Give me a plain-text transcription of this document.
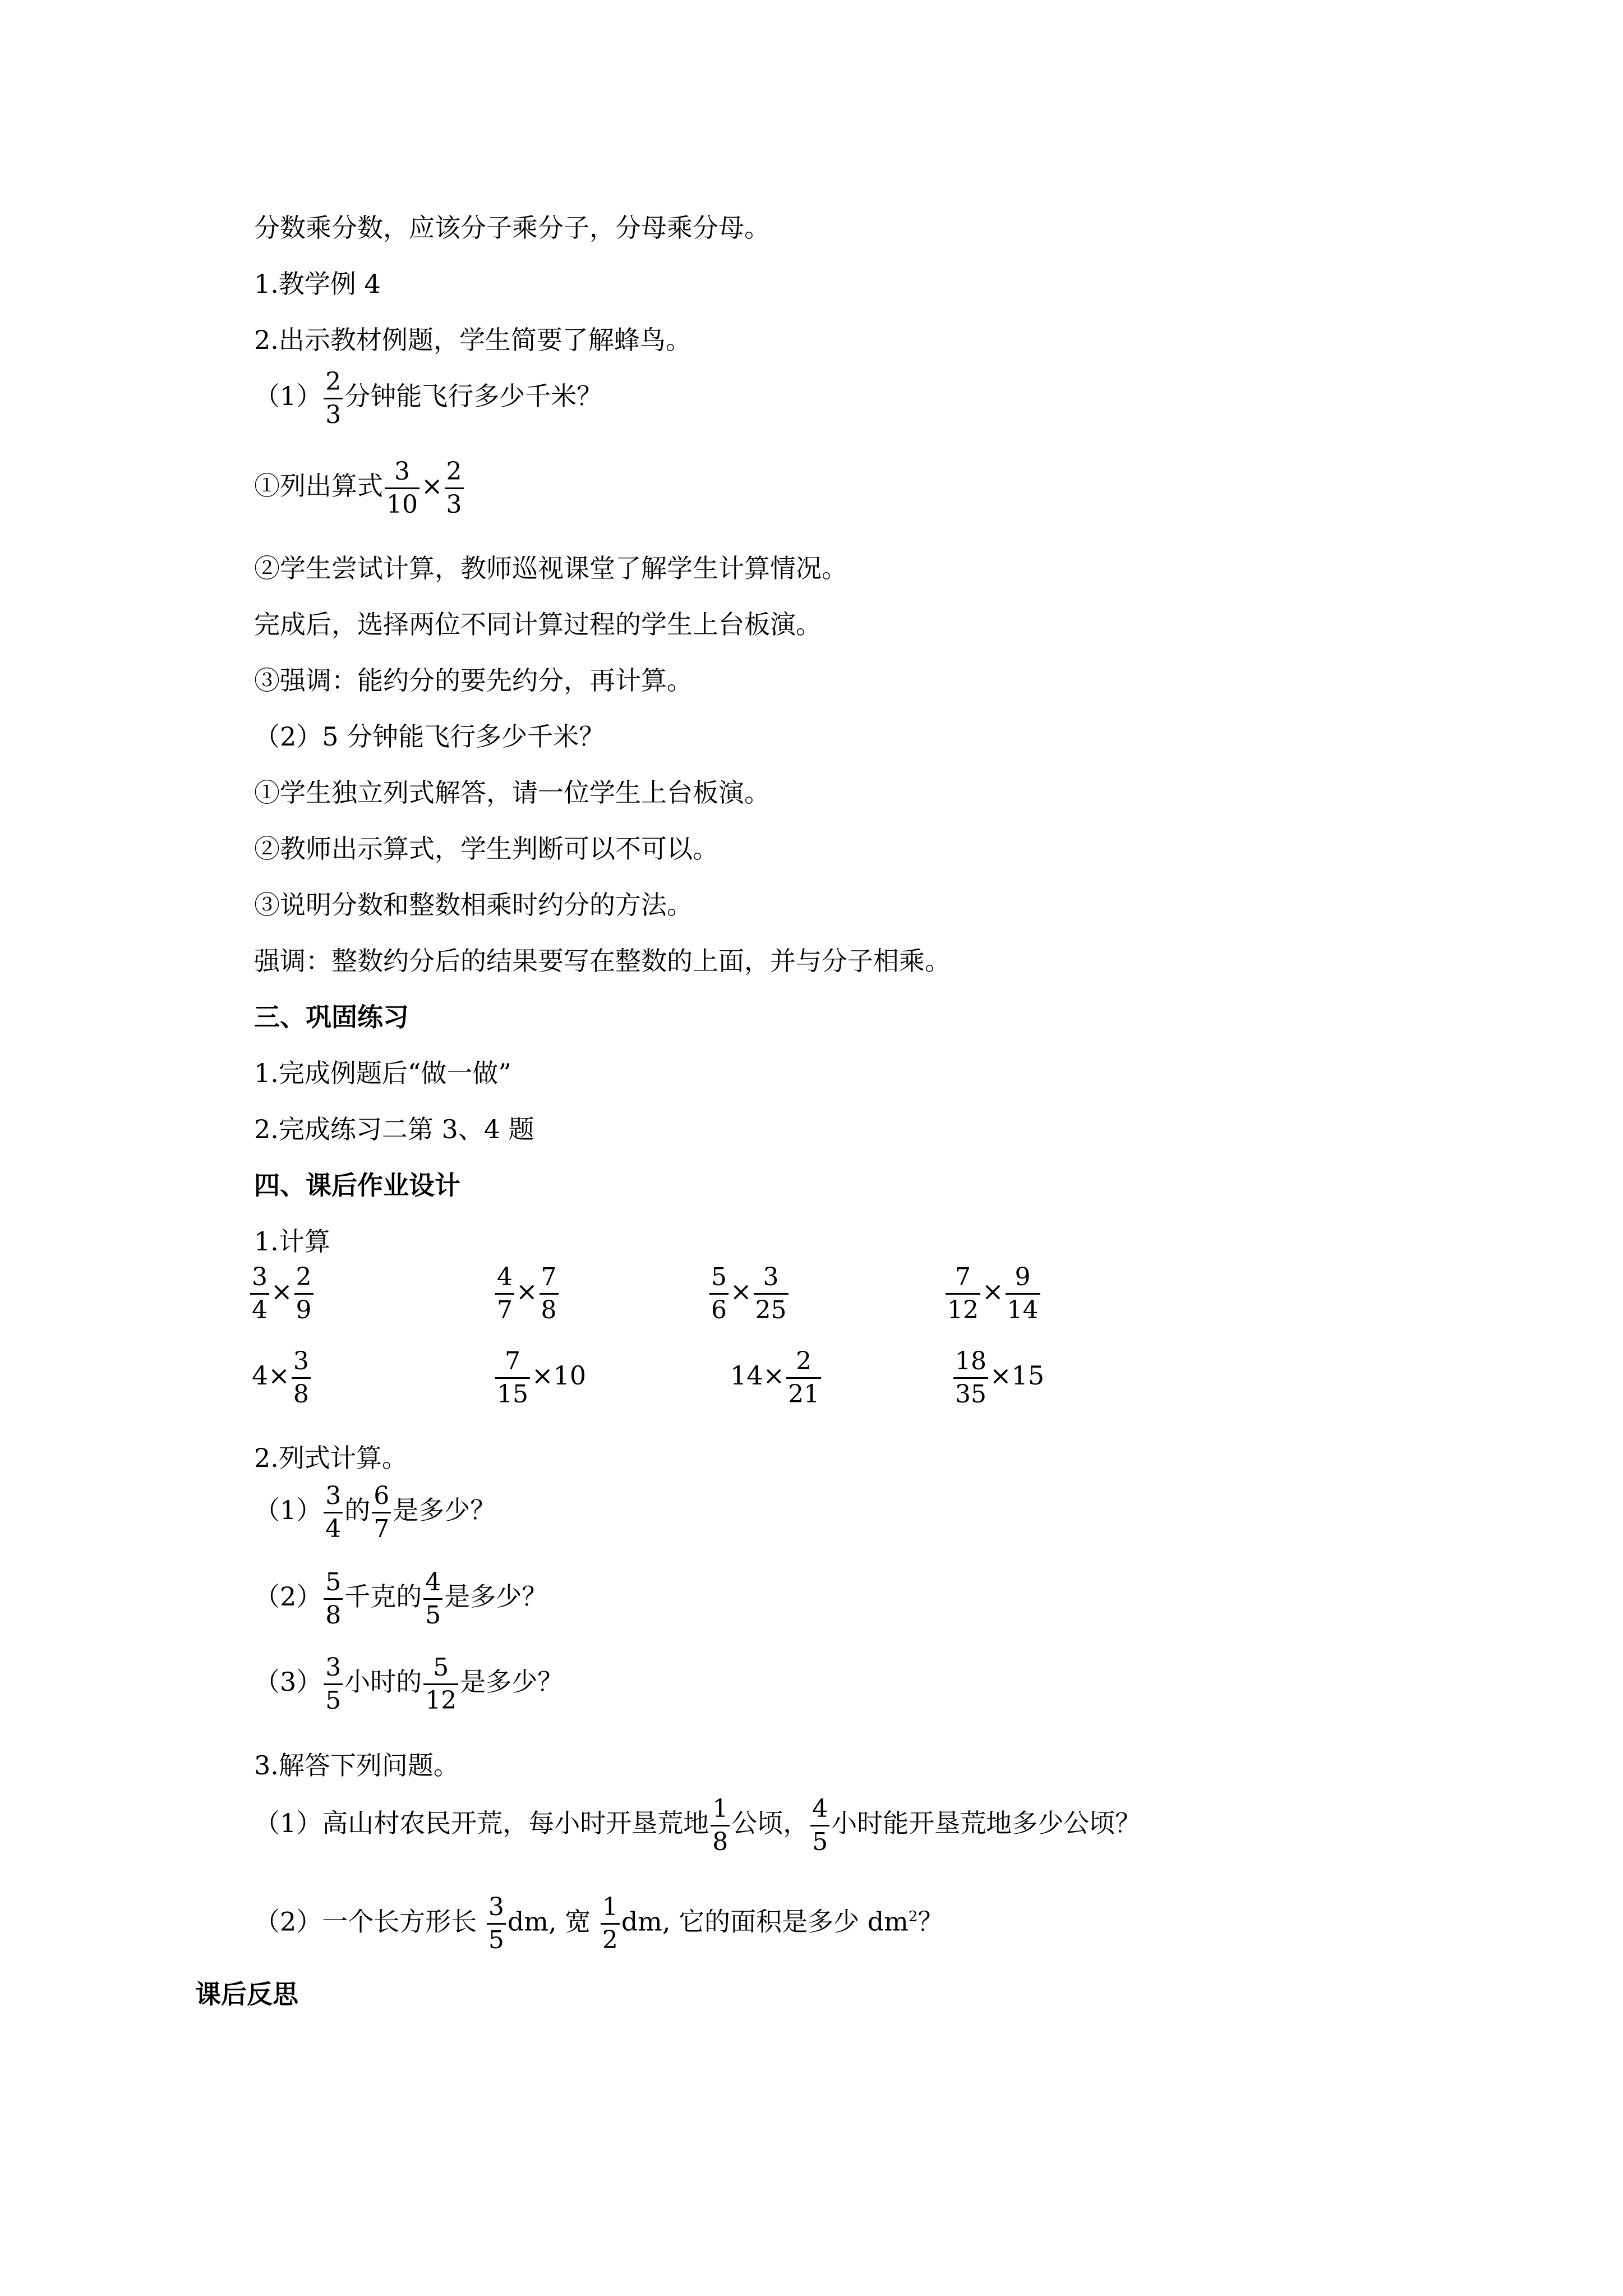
分数乘分数，应该分子乘分子，分母乘分母。
1.教学例 4
2.出示教材例题，学生简要了解蜂鸟。
$(1) \frac{2}{3}$ 分钟能飞行多少千米？
①列出算式 $\frac{3}{10} \times \frac{2}{3}$
②学生尝试计算，教师巡视课堂了解学生计算情况。
完成后，选择两位不同计算过程的学生上台板演。
③强调：能约分的要先约分，再计算。
（2）5 分钟能飞行多少千米？
①学生独立列式解答，请一位学生上台板演。
②教师出示算式，学生判断可以不可以。
③说明分数和整数相乘时约分的方法。
强调：整数约分后的结果要写在整数的上面，并与分子相乘。
三、巩固练习
1.完成例题后“做一做”
2.完成练习二第 3、4 题
四、课后作业设计
1.计算
$\frac{3}{4} \times \frac{2}{9}$	$\frac{4}{7} \times \frac{7}{8}$	$\frac{5}{6} \times \frac{3}{25}$	$\frac{7}{12} \times \frac{9}{14}$
$4\times \frac{3}{8}$	$\frac{7}{15} \times 10$	$14\times \frac{2}{21}$	$\frac{18}{35} \times 15$
2.列式计算。
$(1) \frac{3}{4}$ 的 $\frac{6}{7}$ 是多少？
$(2) \frac{5}{8}$ 千克的 $\frac{4}{5}$ 是多少？
$(3) \frac{3}{5}$ 小时的 $\frac{5}{12}$ 是多少？
3.解答下列问题。
（1）高山村农民开荒，每小时开垦荒地 $\frac{1}{8}$ 公顷， $\frac{4}{5}$ 小时能开垦荒地多少公顷？
（2）一个长方形长 $\frac{3}{5}$ dm, 宽 $\frac{1}{2}$ dm, 它的面积是多少 $dm^2$？
课后反思
